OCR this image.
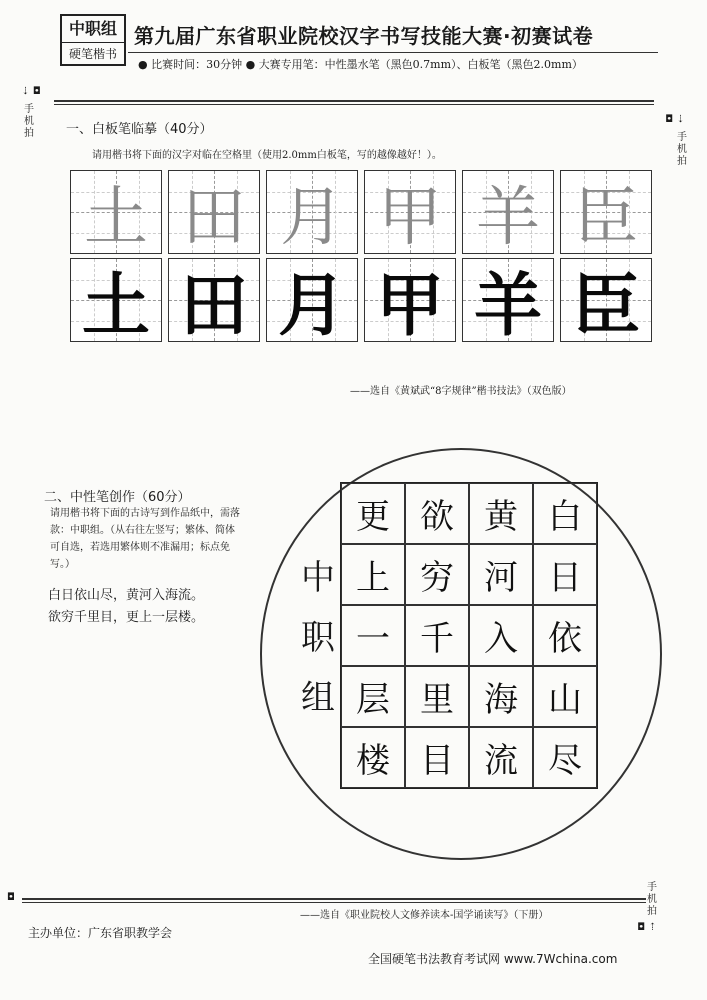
中职组
硬笔楷书
第九届广东省职业院校汉字书写技能大赛·初赛试卷
● 比赛时间：30分钟 ● 大赛专用笔：中性墨水笔（黑色0.7mm）、白板笔（黑色2.0mm）
⇣ ◘
手机拍
◘ ⇣
手机拍
一、白板笔临摹（40分）
请用楷书将下面的汉字对临在空格里（使用2.0mm白板笔，写的越像越好！）。
土 田 月 甲 羊 臣
土 田 月 甲 羊 臣
——选自《黄斌武“8字规律”楷书技法》（双色版）
二、中性笔创作（60分）
请用楷书将下面的古诗写到作品纸中，需落款：中职组。（从右往左竖写；繁体、简体可自选，若选用繁体则不准漏用；标点免写。）
白日依山尽，黄河入海流。
欲穷千里目，更上一层楼。
中
职
组
更 欲 黄 白
上 穷 河 日
一 千 入 依
层 里 海 山
楼 目 流 尽
——选自《职业院校人文修养读本-国学诵读写》（下册）
◘
手机拍
◘ ⇡
主办单位：广东省职教学会
全国硬笔书法教育考试网 www.7Wchina.com
